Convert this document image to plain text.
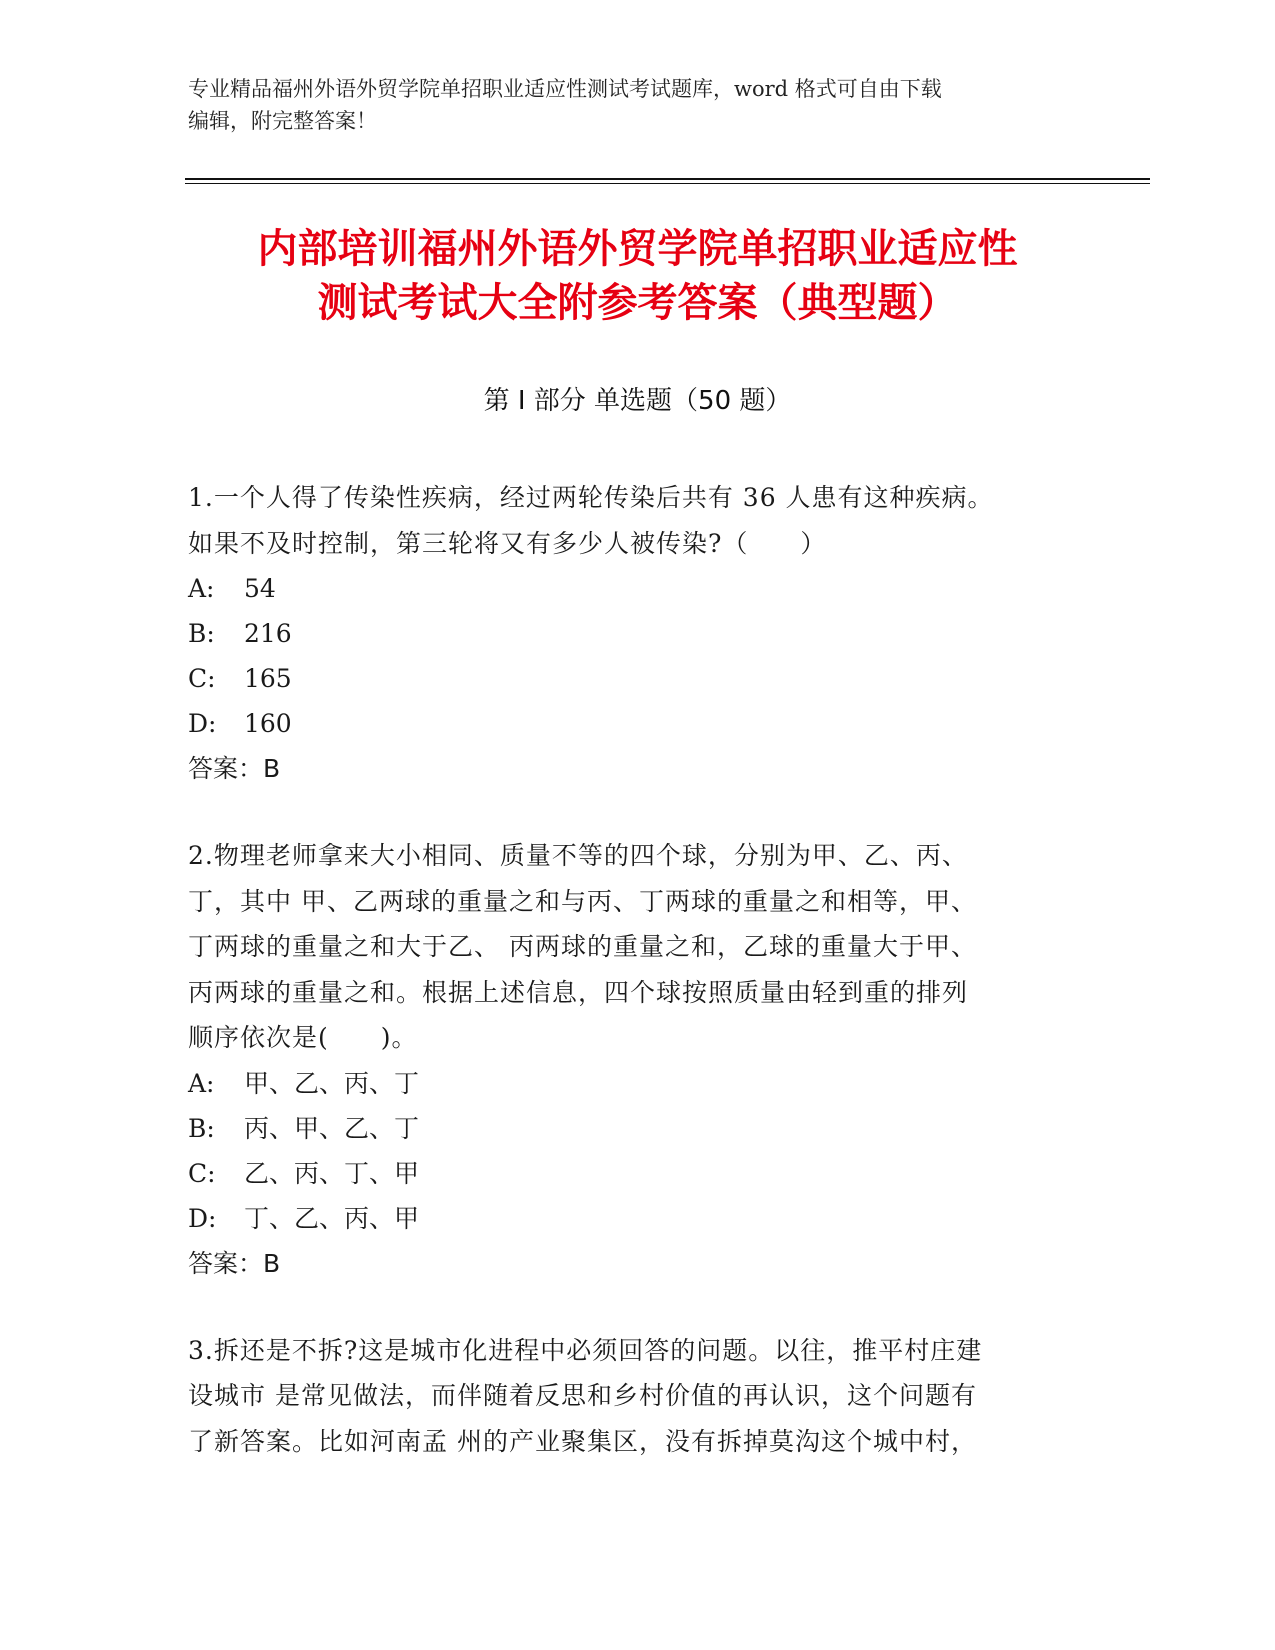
专业精品福州外语外贸学院单招职业适应性测试考试题库，word 格式可自由下载
编辑，附完整答案！
内部培训福州外语外贸学院单招职业适应性
测试考试大全附参考答案（典型题）
第 I 部分 单选题（50 题）
1.一个人得了传染性疾病，经过两轮传染后共有 36 人患有这种疾病。
如果不及时控制，第三轮将又有多少人被传染?（　　）
A:	54
B:	216
C:	165
D:	160
答案：B
2.物理老师拿来大小相同、质量不等的四个球，分别为甲、乙、丙、
丁，其中 甲、乙两球的重量之和与丙、丁两球的重量之和相等，甲、
丁两球的重量之和大于乙、 丙两球的重量之和，乙球的重量大于甲、
丙两球的重量之和。根据上述信息，四个球按照质量由轻到重的排列
顺序依次是(　　)。
A:	甲、乙、丙、丁
B:	丙、甲、乙、丁
C:	乙、丙、丁、甲
D:	丁、乙、丙、甲
答案：B
3.拆还是不拆?这是城市化进程中必须回答的问题。以往，推平村庄建
设城市 是常见做法，而伴随着反思和乡村价值的再认识，这个问题有
了新答案。比如河南孟 州的产业聚集区，没有拆掉莫沟这个城中村，
